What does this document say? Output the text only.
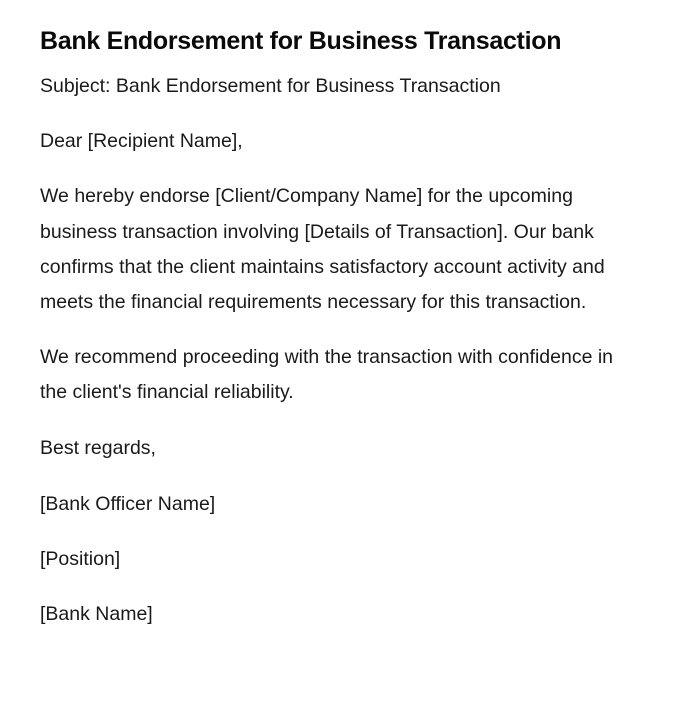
Bank Endorsement for Business Transaction

Subject: Bank Endorsement for Business Transaction

Dear [Recipient Name],

We hereby endorse [Client/Company Name] for the upcoming business transaction involving [Details of Transaction]. Our bank confirms that the client maintains satisfactory account activity and meets the financial requirements necessary for this transaction.

We recommend proceeding with the transaction with confidence in the client's financial reliability.

Best regards,

[Bank Officer Name]

[Position]

[Bank Name]
